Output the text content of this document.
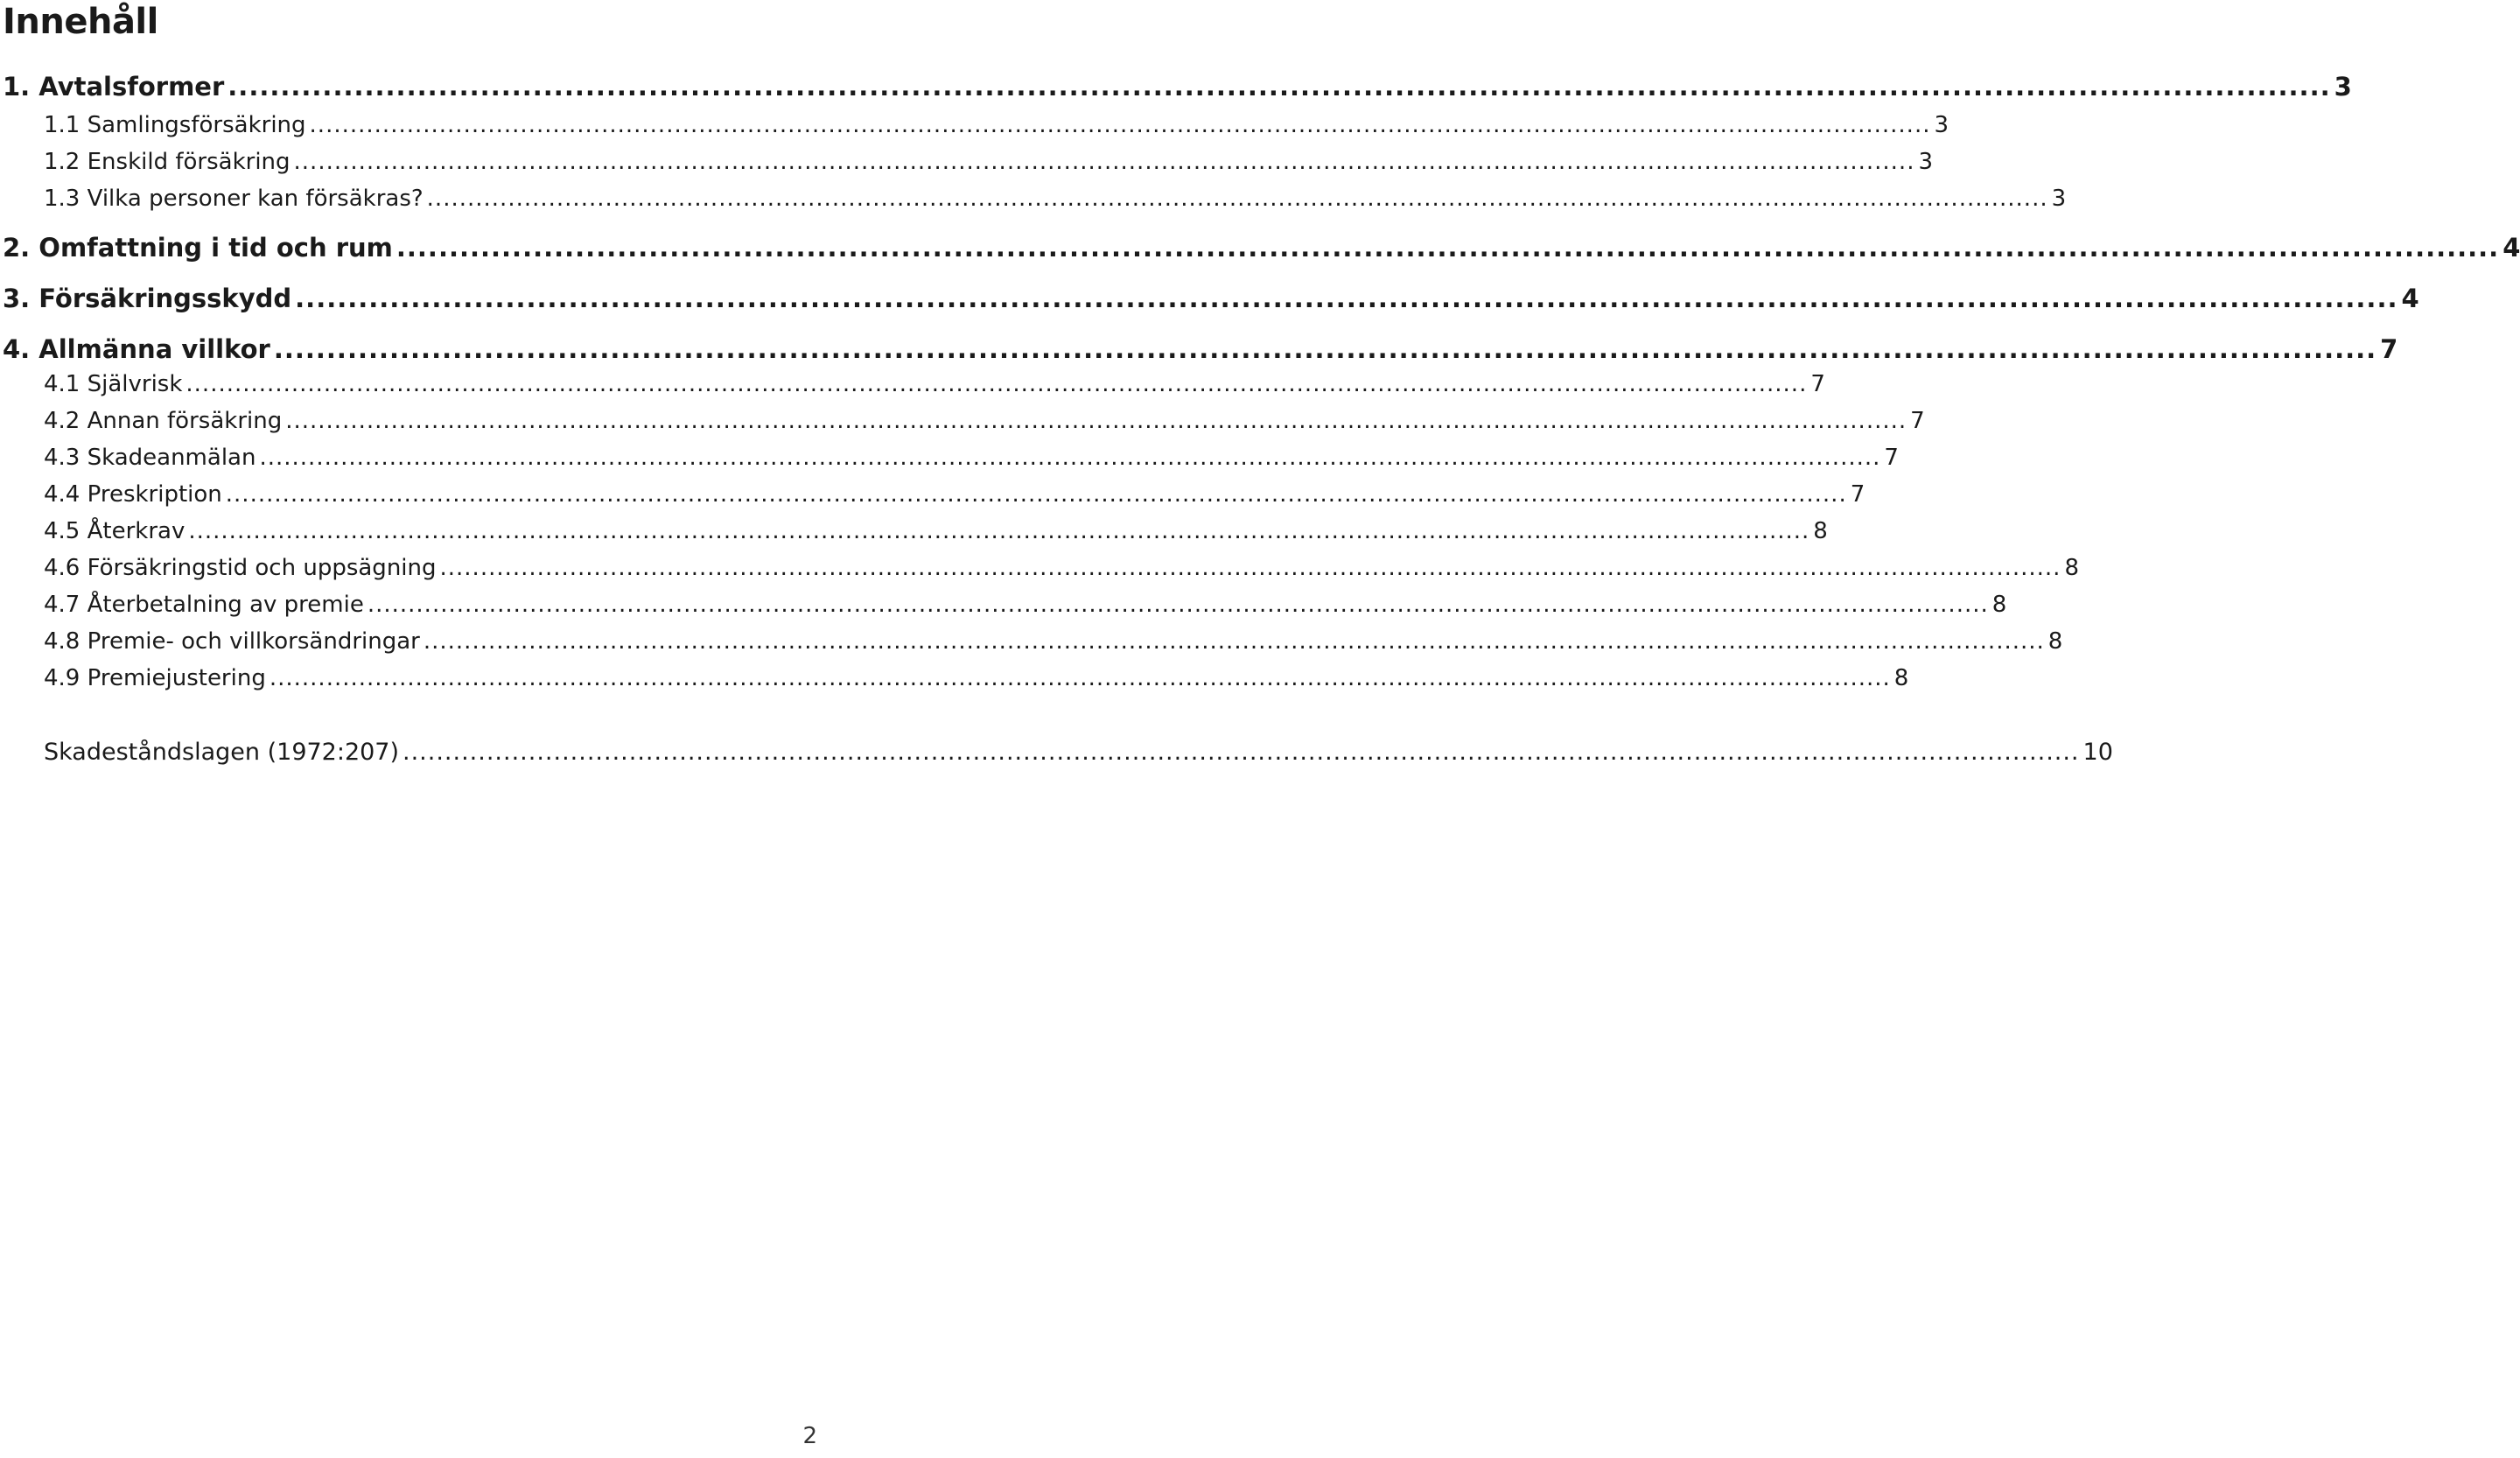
Innehåll
1. Avtalsformer ........................................................................................................................................................................................................ 3
1.1 Samlingsförsäkring ........................................................................................................................................................................................................ 3
1.2 Enskild försäkring ........................................................................................................................................................................................................ 3
1.3 Vilka personer kan försäkras? ........................................................................................................................................................................................................ 3
2. Omfattning i tid och rum ........................................................................................................................................................................................................ 4
3. Försäkringsskydd ........................................................................................................................................................................................................ 4
4. Allmänna villkor ........................................................................................................................................................................................................ 7
4.1 Självrisk ........................................................................................................................................................................................................ 7
4.2 Annan försäkring ........................................................................................................................................................................................................ 7
4.3 Skadeanmälan ........................................................................................................................................................................................................ 7
4.4 Preskription ........................................................................................................................................................................................................ 7
4.5 Återkrav ........................................................................................................................................................................................................ 8
4.6 Försäkringstid och uppsägning ........................................................................................................................................................................................................ 8
4.7 Återbetalning av premie ........................................................................................................................................................................................................ 8
4.8 Premie- och villkorsändringar ........................................................................................................................................................................................................ 8
4.9 Premiejustering ........................................................................................................................................................................................................ 8
Skadeståndslagen (1972:207) ........................................................................................................................................................................................................ 10
2
